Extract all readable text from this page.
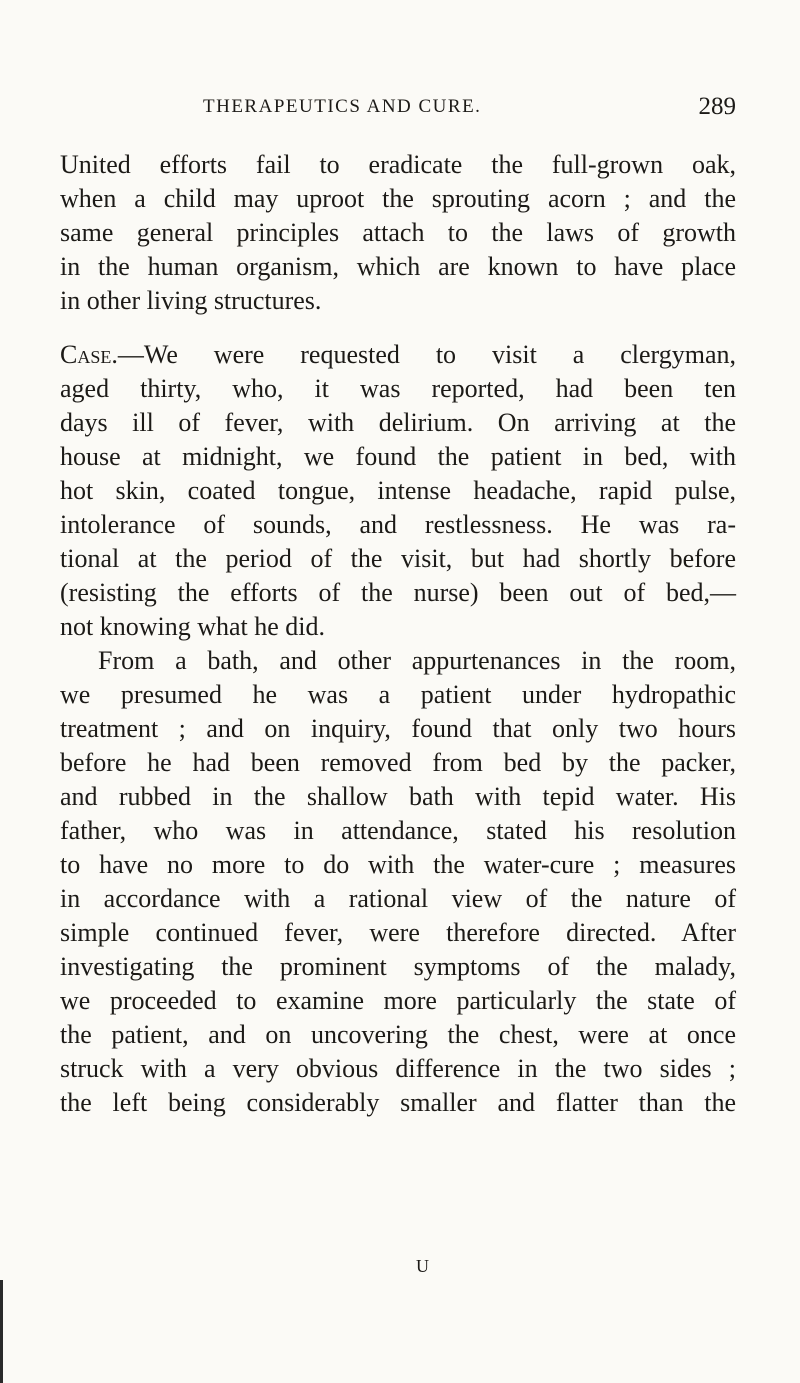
THERAPEUTICS AND CURE.	289
United efforts fail to eradicate the full-grown oak,
when a child may uproot the sprouting acorn ; and the
same general principles attach to the laws of growth
in the human organism, which are known to have place
in other living structures.
Case.—We were requested to visit a clergyman,
aged thirty, who, it was reported, had been ten
days ill of fever, with delirium. On arriving at the
house at midnight, we found the patient in bed, with
hot skin, coated tongue, intense headache, rapid pulse,
intolerance of sounds, and restlessness. He was ra-
tional at the period of the visit, but had shortly before
(resisting the efforts of the nurse) been out of bed,—
not knowing what he did.
From a bath, and other appurtenances in the room,
we presumed he was a patient under hydropathic
treatment ; and on inquiry, found that only two hours
before he had been removed from bed by the packer,
and rubbed in the shallow bath with tepid water. His
father, who was in attendance, stated his resolution
to have no more to do with the water-cure ; measures
in accordance with a rational view of the nature of
simple continued fever, were therefore directed. After
investigating the prominent symptoms of the malady,
we proceeded to examine more particularly the state of
the patient, and on uncovering the chest, were at once
struck with a very obvious difference in the two sides ;
the left being considerably smaller and flatter than the
U
